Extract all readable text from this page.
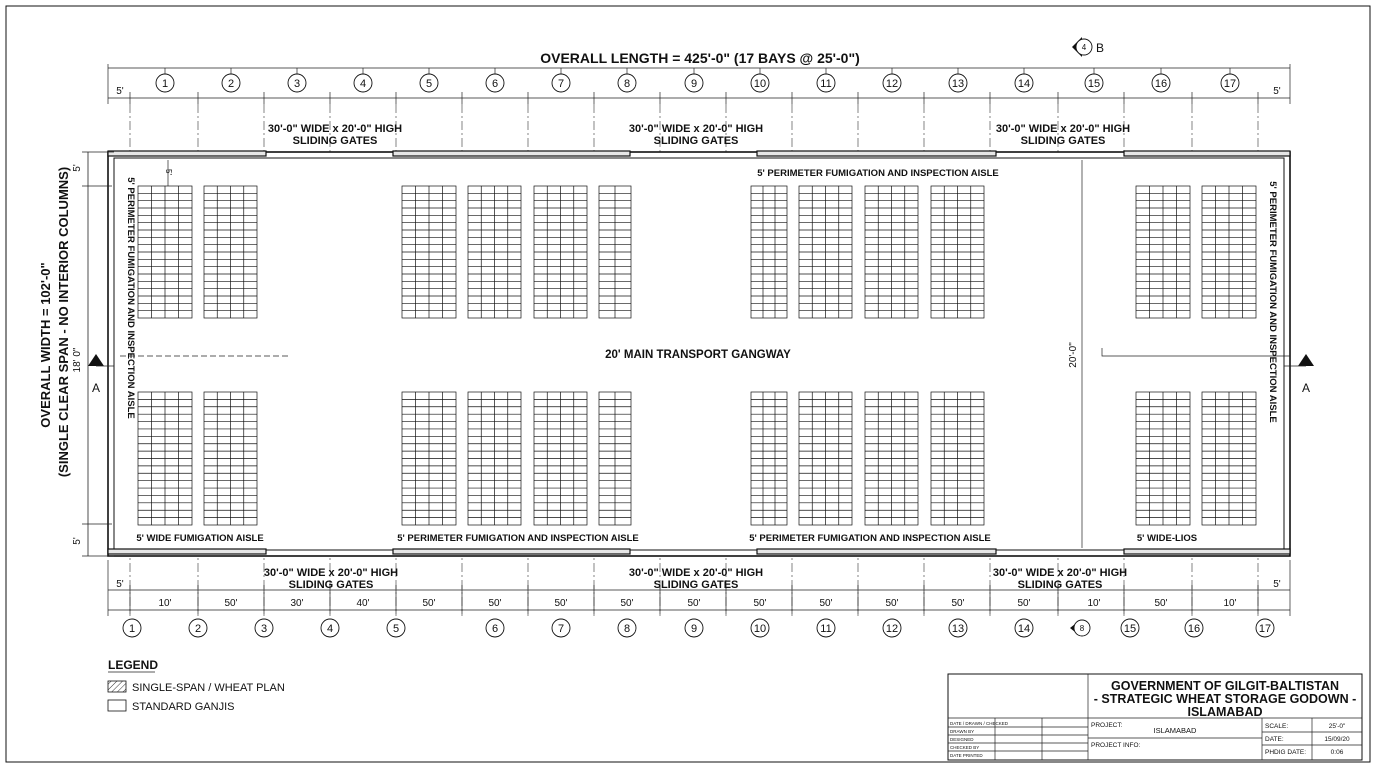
OVERALL LENGTH = 425'-0" (17 BAYS @ 25'-0")
1	2	3	4	5	6	7	8	9	10	11	12	13	14	15	16	17
5'	5'
4 B
30'-0" WIDE x 20'-0" HIGH
SLIDING GATES
30'-0" WIDE x 20'-0" HIGH
SLIDING GATES
30'-0" WIDE x 20'-0" HIGH
SLIDING GATES
30'-0" WIDE x 20'-0" HIGH
SLIDING GATES
30'-0" WIDE x 20'-0" HIGH
SLIDING GATES
30'-0" WIDE x 20'-0" HIGH
SLIDING GATES
5' PERIMETER FUMIGATION AND INSPECTION AISLE
5' WIDE FUMIGATION AISLE	5' PERIMETER FUMIGATION AND INSPECTION AISLE	5' PERIMETER FUMIGATION AND INSPECTION AISLE	5' WIDE-LIOS
5' PERIMETER FUMIGATION AND INSPECTION AISLE	5' PERIMETER FUMIGATION AND INSPECTION AISLE
5'
20' MAIN TRANSPORT GANGWAY	20'-0"
A	A
5'
5'
18' 0"
OVERALL WIDTH = 102'-0" (SINGLE CLEAR SPAN - NO INTERIOR COLUMNS)
5'	5'
10'	50'	30'	40'	50'	50'	50'	50'	50'	50'	50'	50'	50'	50'	10'	50'	10'
1	2	3	4	5	6	7	8	9	10	11	12	13	14	15	16	17
8
LEGEND
SINGLE-SPAN / WHEAT PLAN
STANDARD GANJIS
GOVERNMENT OF GILGIT-BALTISTAN
- STRATEGIC WHEAT STORAGE GODOWN -
ISLAMABAD
PROJECT:
ISLAMABAD
PROJECT INFO:
SCALE:	25'-0"
DATE:	15/09/20
PHDIG DATE:	0:06
DATE / DRAWN / CHECKED
DRAWN BY
DESIGNED
CHECKED BY
DATE PRINTED
